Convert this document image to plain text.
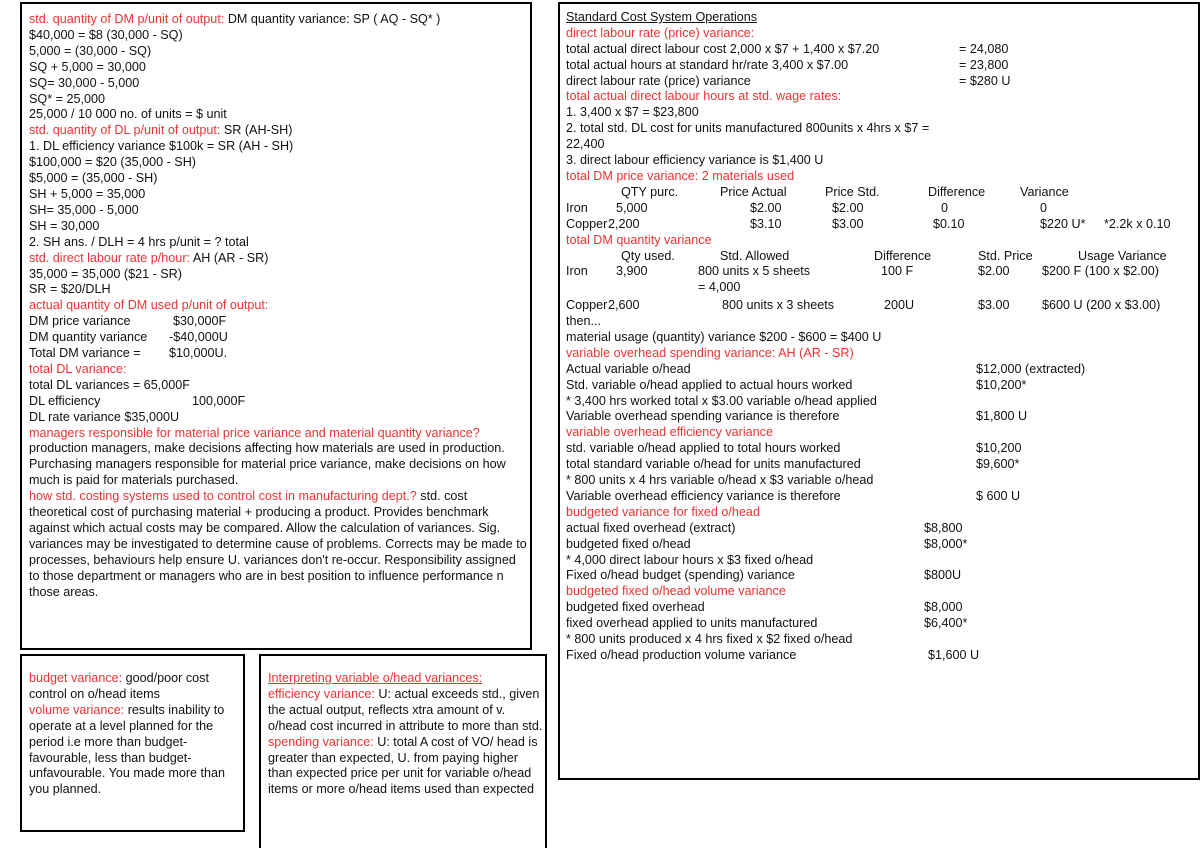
std. quantity of DM p/unit of output: DM quantity variance: SP ( AQ - SQ* )
$40,000 = $8 (30,000 - SQ)
5,000 = (30,000 - SQ)
SQ + 5,000 = 30,000
SQ= 30,000 - 5,000
SQ* = 25,000
25,000 / 10 000 no. of units = $ unit
std. quantity of DL p/unit of output: SR (AH-SH)
1. DL efficiency variance $100k = SR (AH - SH)
$100,000 = $20 (35,000 - SH)
$5,000 = (35,000 - SH)
SH + 5,000 = 35,000
SH= 35,000 - 5,000
SH = 30,000
2. SH ans. / DLH = 4 hrs p/unit = ? total
std. direct labour rate p/hour: AH (AR - SR)
35,000 = 35,000 ($21 - SR)
SR = $20/DLH
actual quantity of DM used p/unit of output:
DM price variance	$30,000F
DM quantity variance -$40,000U
Total DM variance = $10,000U.
total DL variance:
total DL variances = 65,000F
DL efficiency	100,000F
DL rate variance $35,000U
managers responsible for material price variance and material quantity variance? production managers, make decisions affecting how materials are used in production. Purchasing managers responsible for material price variance, make decisions on how much is paid for materials purchased.
how std. costing systems used to control cost in manufacturing dept.? std. cost theoretical cost of purchasing material + producing a product. Provides benchmark against which actual costs may be compared. Allow the calculation of variances. Sig. variances may be investigated to determine cause of problems. Corrects may be made to processes, behaviours help ensure U. variances don't re-occur. Responsibility assigned to those department or managers who are in best position to influence performance n those areas.
budget variance: good/poor cost control on o/head items
volume variance: results inability to operate at a level planned for the period i.e more than budget- favourable, less than budget- unfavourable. You made more than you planned.
Interpreting variable o/head variances:
efficiency variance: U: actual exceeds std., given the actual output, reflects xtra amount of v. o/head cost incurred in attribute to more than std.
spending variance: U: total A cost of VO/ head is greater than expected, U. from paying higher than expected price per unit for variable o/head items or more o/head items used than expected
Standard Cost System Operations
direct labour rate (price) variance:
total actual direct labour cost 2,000 x $7 + 1,400 x $7.20	= 24,080
total actual hours at standard hr/rate 3,400 x $7.00	= 23,800
direct labour rate (price) variance	= $280 U
total actual direct labour hours at std. wage rates:
1. 3,400 x $7 = $23,800
2. total std. DL cost for units manufactured 800units x 4hrs x $7 =
22,400
3. direct labour efficiency variance is $1,400 U
total DM price variance: 2 materials used
QTY purc.	Price Actual	Price Std.	Difference	Variance
Iron 5,000	$2.00	$2.00	0	0
Copper 2,200	$3.10	$3.00	$0.10	$220 U* *2.2k x 0.10
total DM quantity variance
Qty used.	Std. Allowed	Difference	Std. Price	Usage Variance
Iron 3,900	800 units x 5 sheets	100 F	$2.00	$200 F (100 x $2.00)
= 4,000
Copper 2,600	800 units x 3 sheets	200U	$3.00	$600 U (200 x $3.00)
then...
material usage (quantity) variance $200 - $600 = $400 U
variable overhead spending variance: AH (AR - SR)
Actual variable o/head	$12,000 (extracted)
Std. variable o/head applied to actual hours worked	$10,200*
* 3,400 hrs worked total x $3.00 variable o/head applied
Variable overhead spending variance is therefore	$1,800 U
variable overhead efficiency variance
std. variable o/head applied to total hours worked	$10,200
total standard variable o/head for units manufactured	$9,600*
* 800 units x 4 hrs variable o/head x $3 variable o/head
Variable overhead efficiency variance is therefore	$ 600 U
budgeted variance for fixed o/head
actual fixed overhead (extract)	$8,800
budgeted fixed o/head	$8,000*
* 4,000 direct labour hours x $3 fixed o/head
Fixed o/head budget (spending) variance	$800U
budgeted fixed o/head volume variance
budgeted fixed overhead	$8,000
fixed overhead applied to units manufactured	$6,400*
* 800 units produced x 4 hrs fixed x $2 fixed o/head
Fixed o/head production volume variance	$1,600 U
